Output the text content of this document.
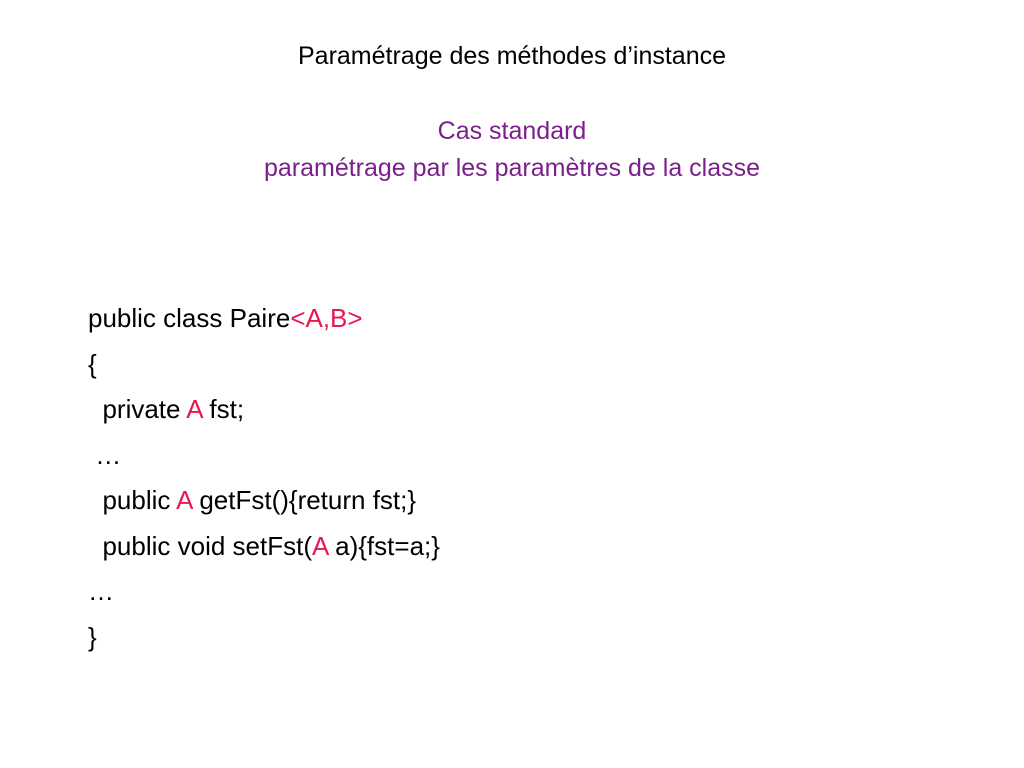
Paramétrage des méthodes d’instance
Cas standard
paramétrage par les paramètres de la classe
public class Paire<A,B>
{
private A fst;
…
public A getFst(){return fst;}
public void setFst(A a){fst=a;}
…
}
